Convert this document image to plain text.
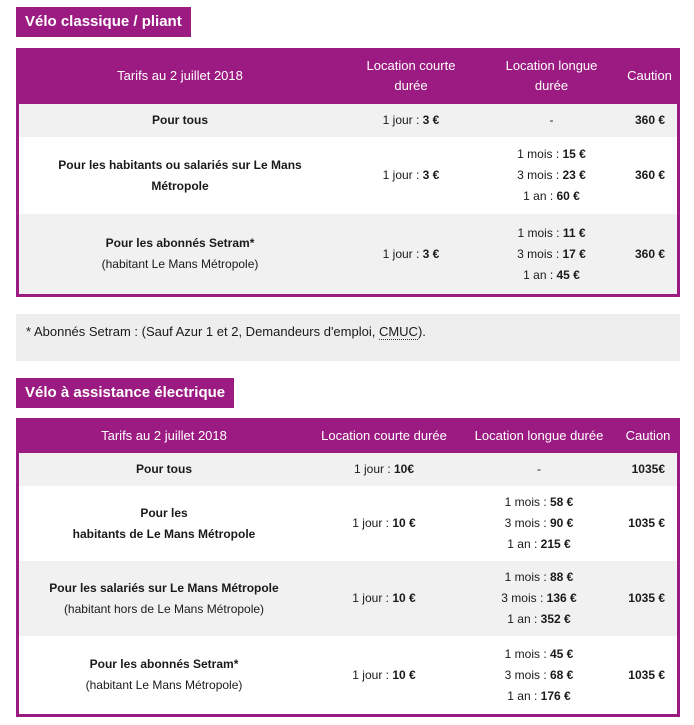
Vélo classique / pliant
Tarifs au 2 juillet 2018	Location courte
durée	Location longue
durée	Caution
Pour tous	1 jour : 3 €	-	360 €

Pour les habitants ou salariés sur Le Mans
Métropole	1 jour : 3 €	1 mois : 15 €
3 mois : 23 €
1 an : 60 €	360 €

Pour les abonnés Setram*
(habitant Le Mans Métropole)	1 jour : 3 €	1 mois : 11 €
3 mois : 17 €
1 an : 45 €	360 €
* Abonnés Setram : (Sauf Azur 1 et 2, Demandeurs d'emploi, CMUC).
Vélo à assistance électrique
Tarifs au 2 juillet 2018	Location courte durée	Location longue durée	Caution
Pour tous	1 jour : 10€	-	1035€

Pour les
habitants de Le Mans Métropole	1 jour : 10 €	1 mois : 58 €
3 mois : 90 €
1 an : 215 €	1035 €

Pour les salariés sur Le Mans Métropole
(habitant hors de Le Mans Métropole)	1 jour : 10 €	1 mois : 88 €
3 mois : 136 €
1 an : 352 €	1035 €

Pour les abonnés Setram*
(habitant Le Mans Métropole)	1 jour : 10 €	1 mois : 45 €
3 mois : 68 €
1 an : 176 €	1035 €
